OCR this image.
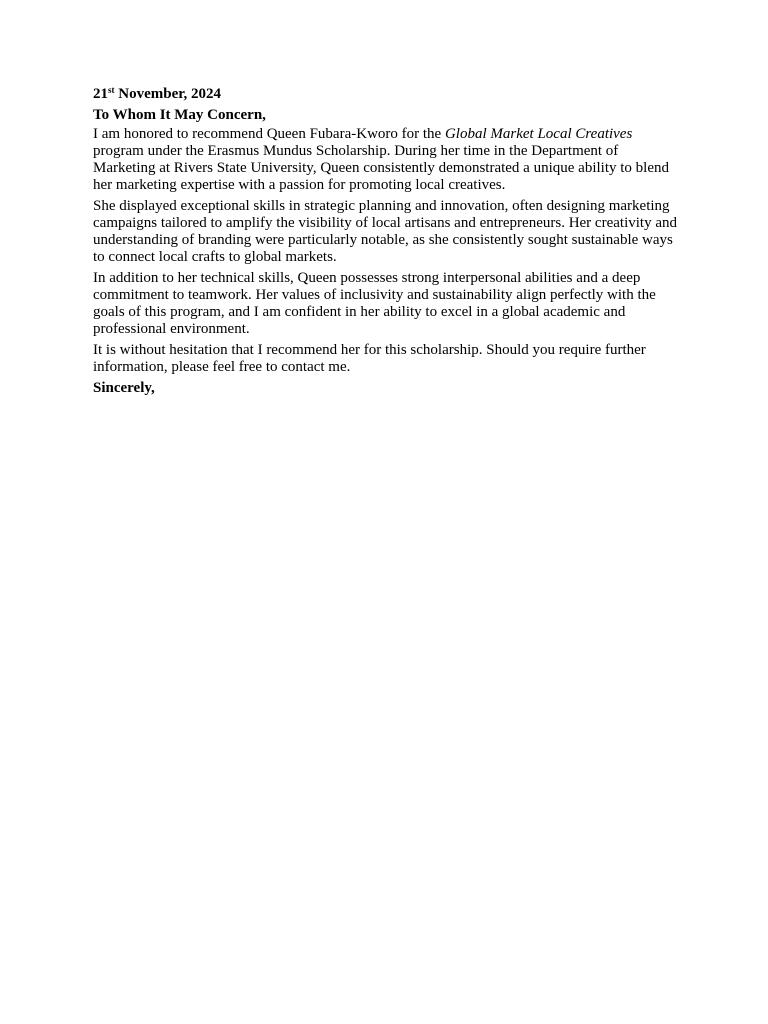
21st November, 2024

To Whom It May Concern,

I am honored to recommend Queen Fubara-Kworo for the Global Market Local Creatives program under the Erasmus Mundus Scholarship. During her time in the Department of Marketing at Rivers State University, Queen consistently demonstrated a unique ability to blend her marketing expertise with a passion for promoting local creatives.

She displayed exceptional skills in strategic planning and innovation, often designing marketing campaigns tailored to amplify the visibility of local artisans and entrepreneurs. Her creativity and understanding of branding were particularly notable, as she consistently sought sustainable ways to connect local crafts to global markets.

In addition to her technical skills, Queen possesses strong interpersonal abilities and a deep commitment to teamwork. Her values of inclusivity and sustainability align perfectly with the goals of this program, and I am confident in her ability to excel in a global academic and professional environment.

It is without hesitation that I recommend her for this scholarship. Should you require further information, please feel free to contact me.

Sincerely,
